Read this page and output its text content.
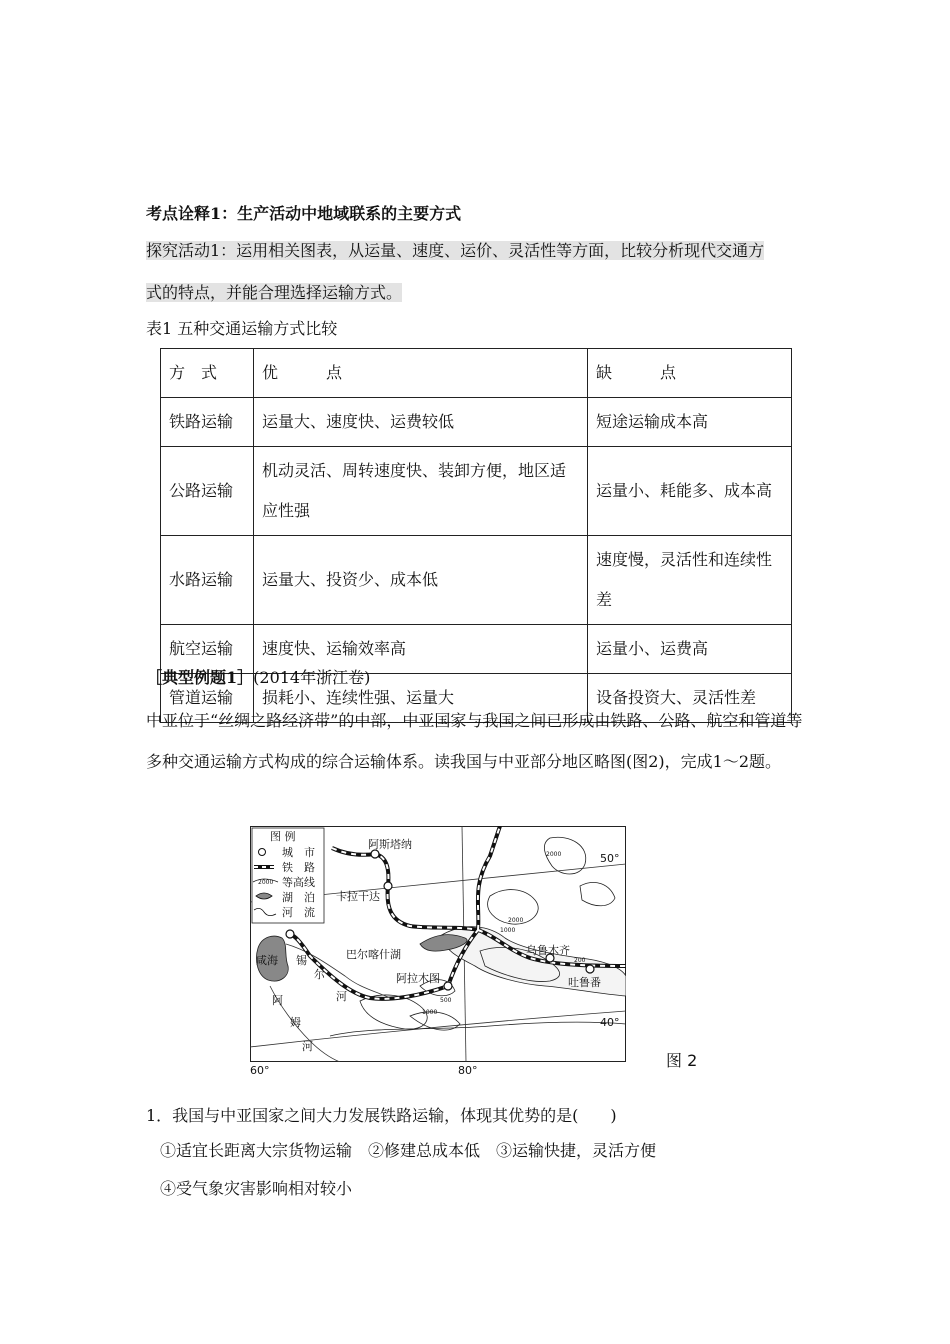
考点诠释1：生产活动中地域联系的主要方式
探究活动1：运用相关图表，从运量、速度、运价、灵活性等方面，比较分析现代交通方
式的特点，并能合理选择运输方式。
表1 五种交通运输方式比较
方　式	优　　　点	缺　　　点
铁路运输	运量大、速度快、运费较低	短途运输成本高
公路运输	机动灵活、周转速度快、装卸方便，地区适应性强	运量小、耗能多、成本高
水路运输	运量大、投资少、成本低	速度慢，灵活性和连续性差
航空运输	速度快、运输效率高	运量小、运费高
管道运输	损耗小、连续性强、运量大	设备投资大、灵活性差
［典型例题1］(2014年浙江卷)
中亚位于“丝绸之路经济带”的中部，中亚国家与我国之间已形成由铁路、公路、航空和管道等多种交通运输方式构成的综合运输体系。读我国与中亚部分地区略图(图2)，完成1～2题。
图 例
城　市
铁　路
2000 等高线
湖　泊
河　流
阿斯塔纳
卡拉干达
乌鲁木齐
阿拉木图	吐鲁番
咸海	巴尔喀什湖
锡
尔
河
阿
姆
河
2000
2000
1000
1000
200
500
50°
40°
60°	80°
图 2
1．我国与中亚国家之间大力发展铁路运输，体现其优势的是(　　)
①适宜长距离大宗货物运输　②修建总成本低　③运输快捷，灵活方便
④受气象灾害影响相对较小
